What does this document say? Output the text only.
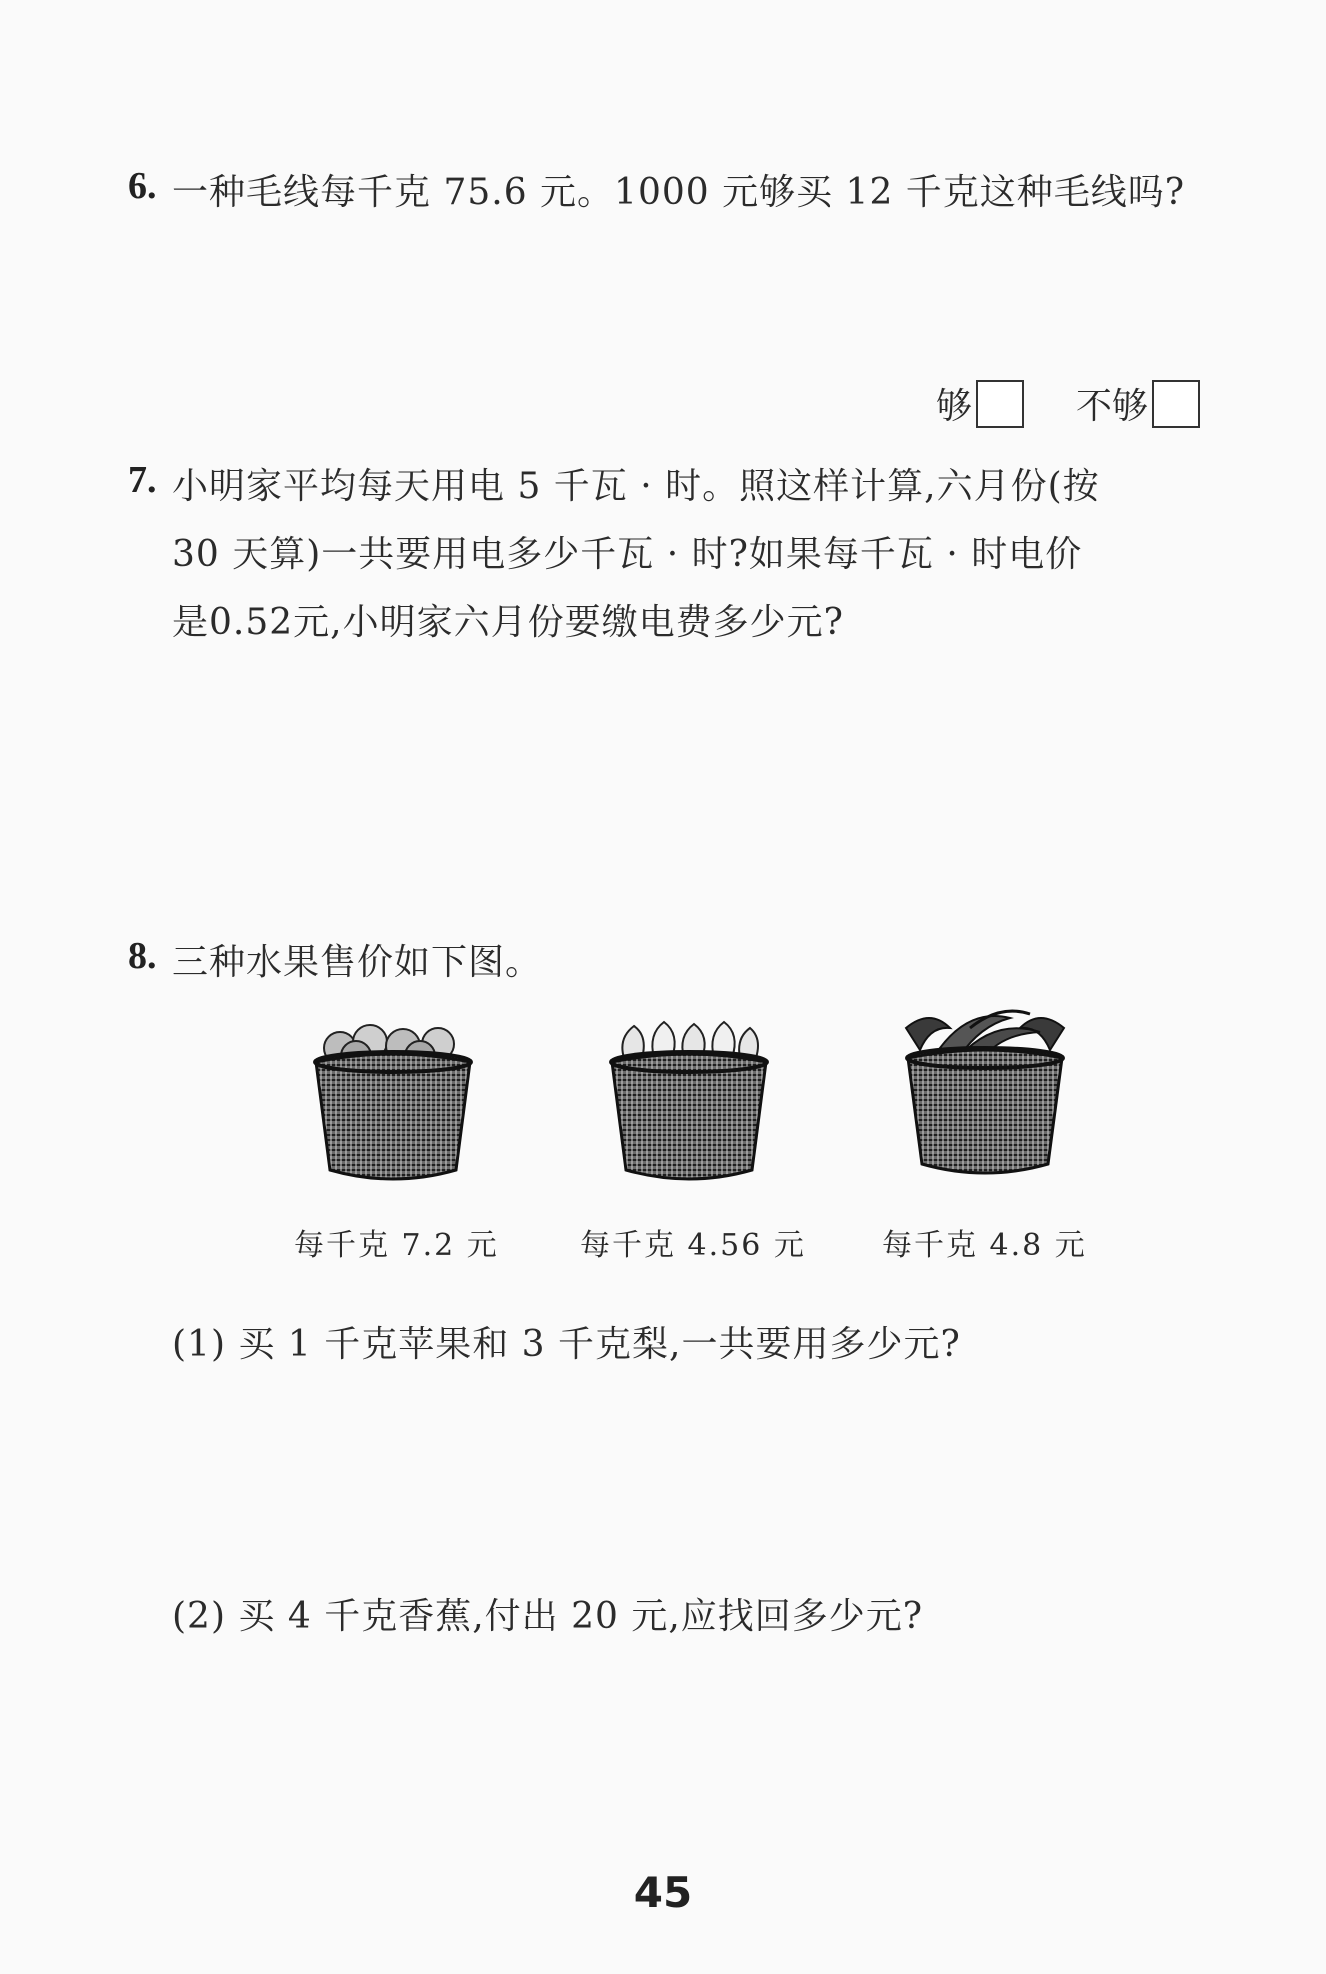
6. 一种毛线每千克 75.6 元。1000 元够买 12 千克这种毛线吗?
够	不够
7. 小明家平均每天用电 5 千瓦 · 时。照这样计算,六月份(按
30 天算)一共要用电多少千瓦 · 时?如果每千瓦 · 时电价
是0.52元,小明家六月份要缴电费多少元?
8. 三种水果售价如下图。
每千克 7.2 元	每千克 4.56 元	每千克 4.8 元
(1) 买 1 千克苹果和 3 千克梨,一共要用多少元?
(2) 买 4 千克香蕉,付出 20 元,应找回多少元?
45
